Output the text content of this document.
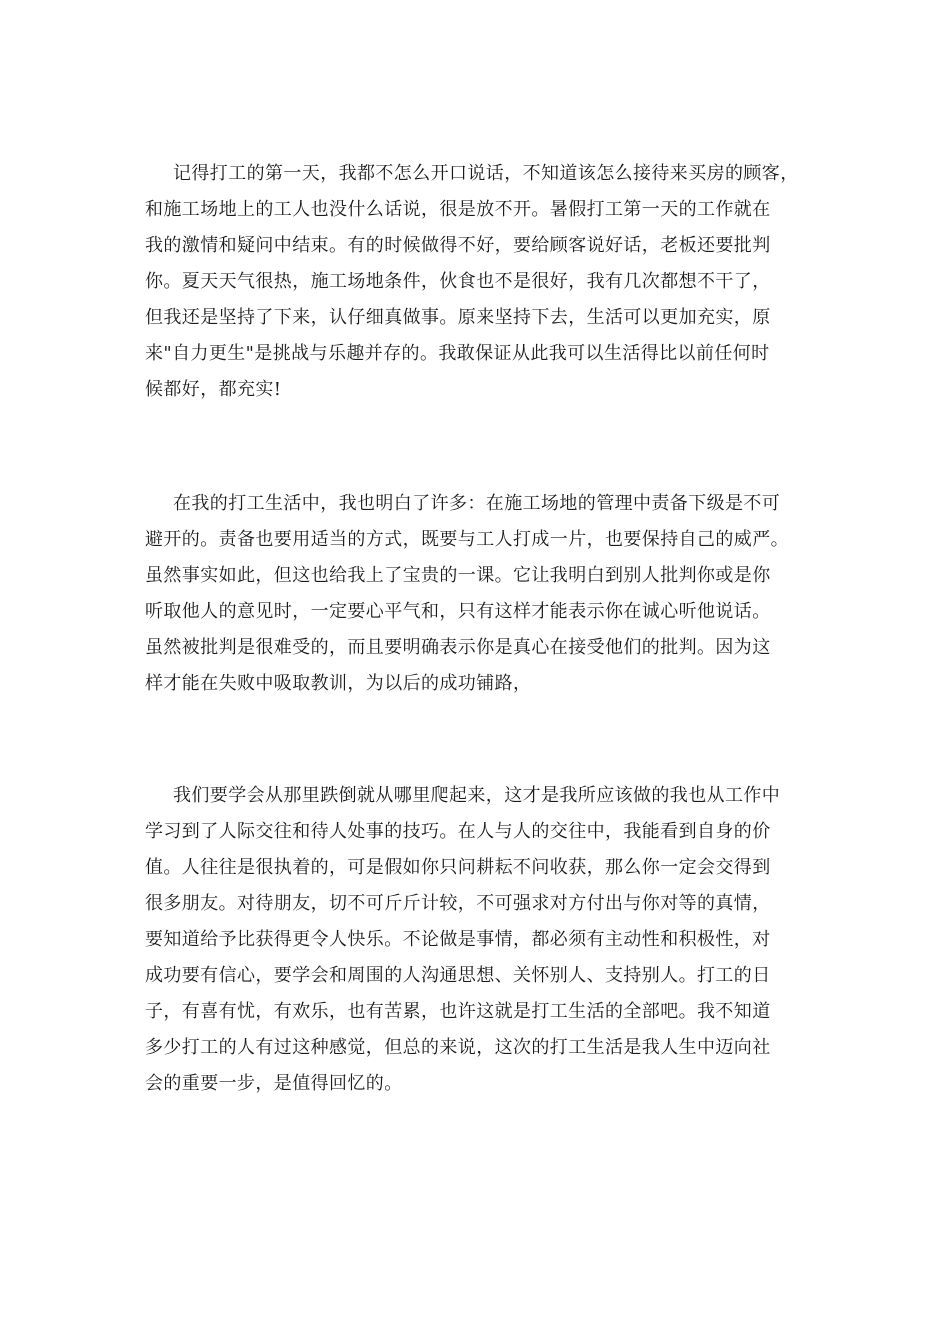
记得打工的第一天，我都不怎么开口说话，不知道该怎么接待来买房的顾客，
和施工场地上的工人也没什么话说，很是放不开。暑假打工第一天的工作就在
我的激情和疑问中结束。有的时候做得不好，要给顾客说好话，老板还要批判
你。夏天天气很热，施工场地条件，伙食也不是很好，我有几次都想不干了，
但我还是坚持了下来，认仔细真做事。原来坚持下去，生活可以更加充实，原
来"自力更生"是挑战与乐趣并存的。我敢保证从此我可以生活得比以前任何时
候都好，都充实!
在我的打工生活中，我也明白了许多：在施工场地的管理中责备下级是不可
避开的。责备也要用适当的方式，既要与工人打成一片，也要保持自己的威严。
虽然事实如此，但这也给我上了宝贵的一课。它让我明白到别人批判你或是你
听取他人的意见时，一定要心平气和，只有这样才能表示你在诚心听他说话。
虽然被批判是很难受的，而且要明确表示你是真心在接受他们的批判。因为这
样才能在失败中吸取教训，为以后的成功铺路，
我们要学会从那里跌倒就从哪里爬起来，这才是我所应该做的我也从工作中
学习到了人际交往和待人处事的技巧。在人与人的交往中，我能看到自身的价
值。人往往是很执着的，可是假如你只问耕耘不问收获，那么你一定会交得到
很多朋友。对待朋友，切不可斤斤计较，不可强求对方付出与你对等的真情，
要知道给予比获得更令人快乐。不论做是事情，都必须有主动性和积极性，对
成功要有信心，要学会和周围的人沟通思想、关怀别人、支持别人。打工的日
子，有喜有忧，有欢乐，也有苦累，也许这就是打工生活的全部吧。我不知道
多少打工的人有过这种感觉，但总的来说，这次的打工生活是我人生中迈向社
会的重要一步，是值得回忆的。
